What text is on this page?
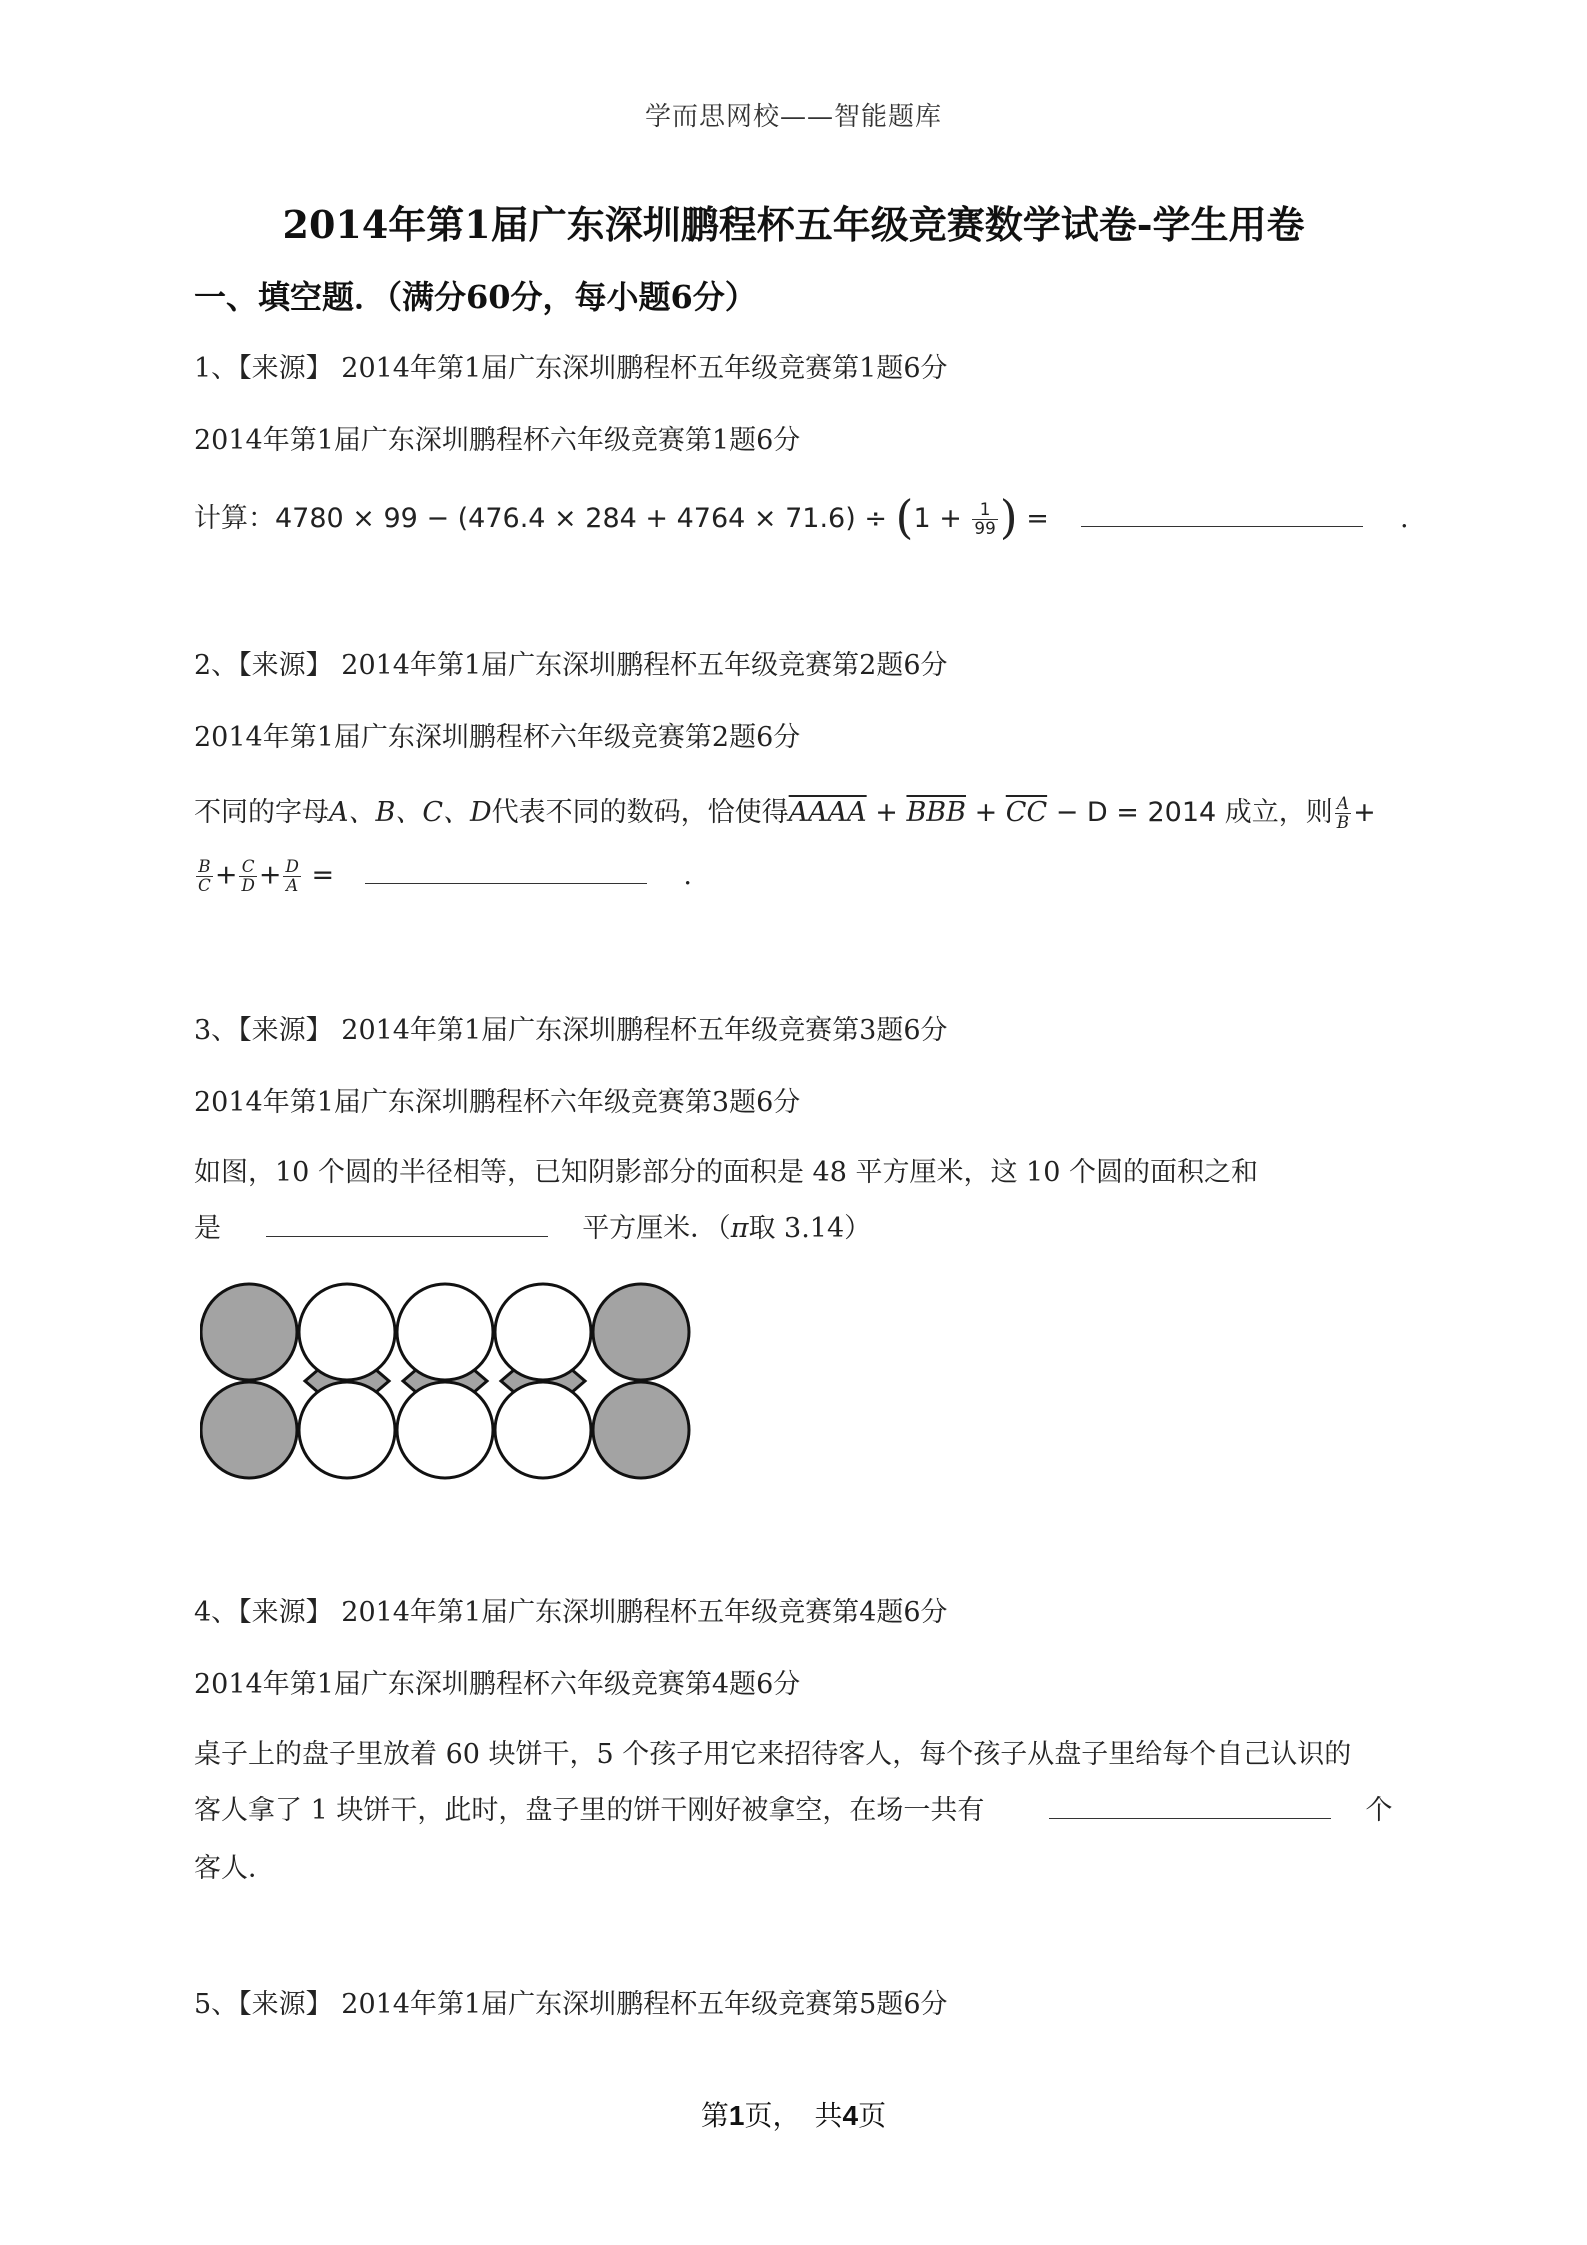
学而思网校——智能题库
2014年第1届广东深圳鹏程杯五年级竞赛数学试卷-学生用卷
一、填空题．（满分60分，每小题6分）
1、【来源】 2014年第1届广东深圳鹏程杯五年级竞赛第1题6分
2014年第1届广东深圳鹏程杯六年级竞赛第1题6分
计算：$4780 \times 99 - (476.4 \times 284 + 4764 \times 71.6) \div (1 + \frac{1}{99}$ ) =	.
2、【来源】 2014年第1届广东深圳鹏程杯五年级竞赛第2题6分
2014年第1届广东深圳鹏程杯六年级竞赛第2题6分
不同的字母A、B、C、D代表不同的数码，恰使得AAAA + $\overline{BBB} + \overline{CC} - D = 2014$ 成立，则 $\frac{A}{B}$ +
$\frac{B}{C} + \frac{C}{D} + \frac{D}{A}$ =	.
3、【来源】 2014年第1届广东深圳鹏程杯五年级竞赛第3题6分
2014年第1届广东深圳鹏程杯六年级竞赛第3题6分
如图，10 个圆的半径相等，已知阴影部分的面积是 48 平方厘米，这 10 个圆的面积之和
是	平方厘米．（π取 3.14）
4、【来源】 2014年第1届广东深圳鹏程杯五年级竞赛第4题6分
2014年第1届广东深圳鹏程杯六年级竞赛第4题6分
桌子上的盘子里放着 60 块饼干，5 个孩子用它来招待客人，每个孩子从盘子里给每个自己认识的
客人拿了 1 块饼干，此时，盘子里的饼干刚好被拿空，在场一共有	个
客人．
5、【来源】 2014年第1届广东深圳鹏程杯五年级竞赛第5题6分
第1页，　共4页
